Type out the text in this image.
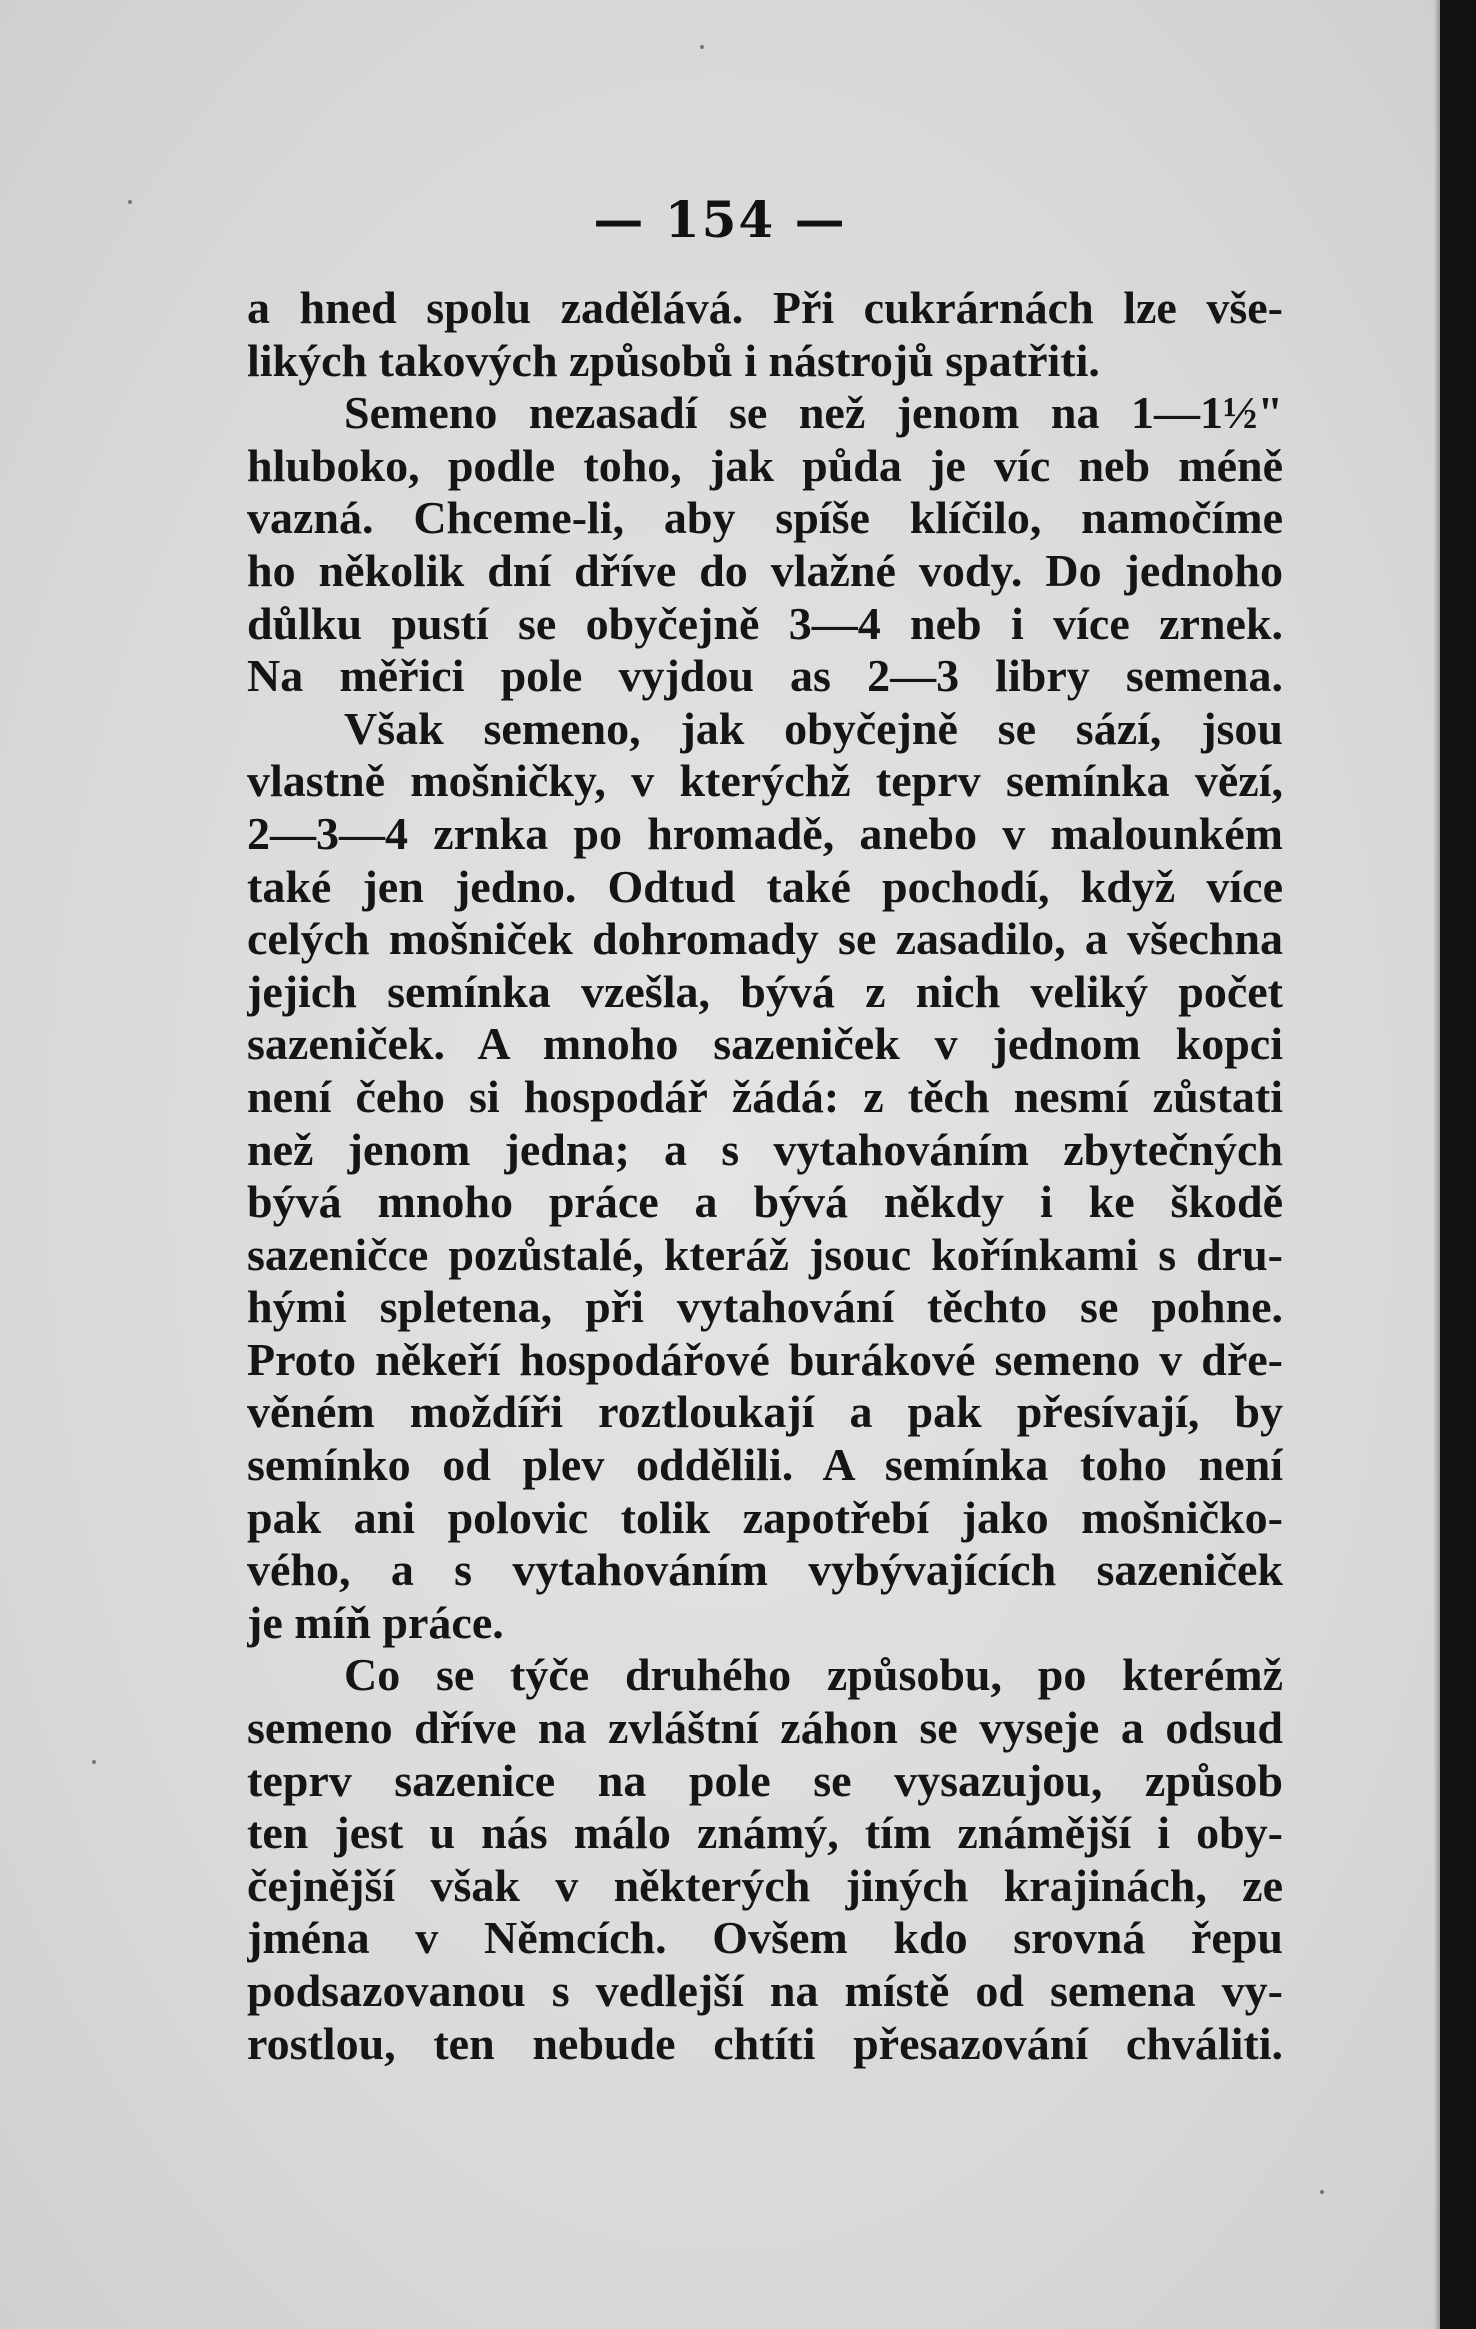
— 154 —
a hned spolu zadělává. Při cukrárnách lze vše-
likých takových způsobů i nástrojů spatřiti.
Semeno nezasadí se než jenom na 1—1½"
hluboko, podle toho, jak půda je víc neb méně
vazná. Chceme-li, aby spíše klíčilo, namočíme
ho několik dní dříve do vlažné vody. Do jednoho
důlku pustí se obyčejně 3—4 neb i více zrnek.
Na měřici pole vyjdou as 2—3 libry semena.
Však semeno, jak obyčejně se sází, jsou
vlastně mošničky, v kterýchž teprv semínka vězí,
2—3—4 zrnka po hromadě, anebo v malounkém
také jen jedno. Odtud také pochodí, když více
celých mošniček dohromady se zasadilo, a všechna
jejich semínka vzešla, bývá z nich veliký počet
sazeniček. A mnoho sazeniček v jednom kopci
není čeho si hospodář žádá: z těch nesmí zůstati
než jenom jedna; a s vytahováním zbytečných
bývá mnoho práce a bývá někdy i ke škodě
sazeničce pozůstalé, kteráž jsouc kořínkami s dru-
hými spletena, při vytahování těchto se pohne.
Proto někeří hospodářové burákové semeno v dře-
věném moždíři roztloukají a pak přesívají, by
semínko od plev oddělili. A semínka toho není
pak ani polovic tolik zapotřebí jako mošničko-
vého, a s vytahováním vybývajících sazeniček
je míň práce.
Co se týče druhého způsobu, po kterémž
semeno dříve na zvláštní záhon se vyseje a odsud
teprv sazenice na pole se vysazujou, způsob
ten jest u nás málo známý, tím známější i oby-
čejnější však v některých jiných krajinách, ze
jména v Němcích. Ovšem kdo srovná řepu
podsazovanou s vedlejší na místě od semena vy-
rostlou, ten nebude chtíti přesazování chváliti.
